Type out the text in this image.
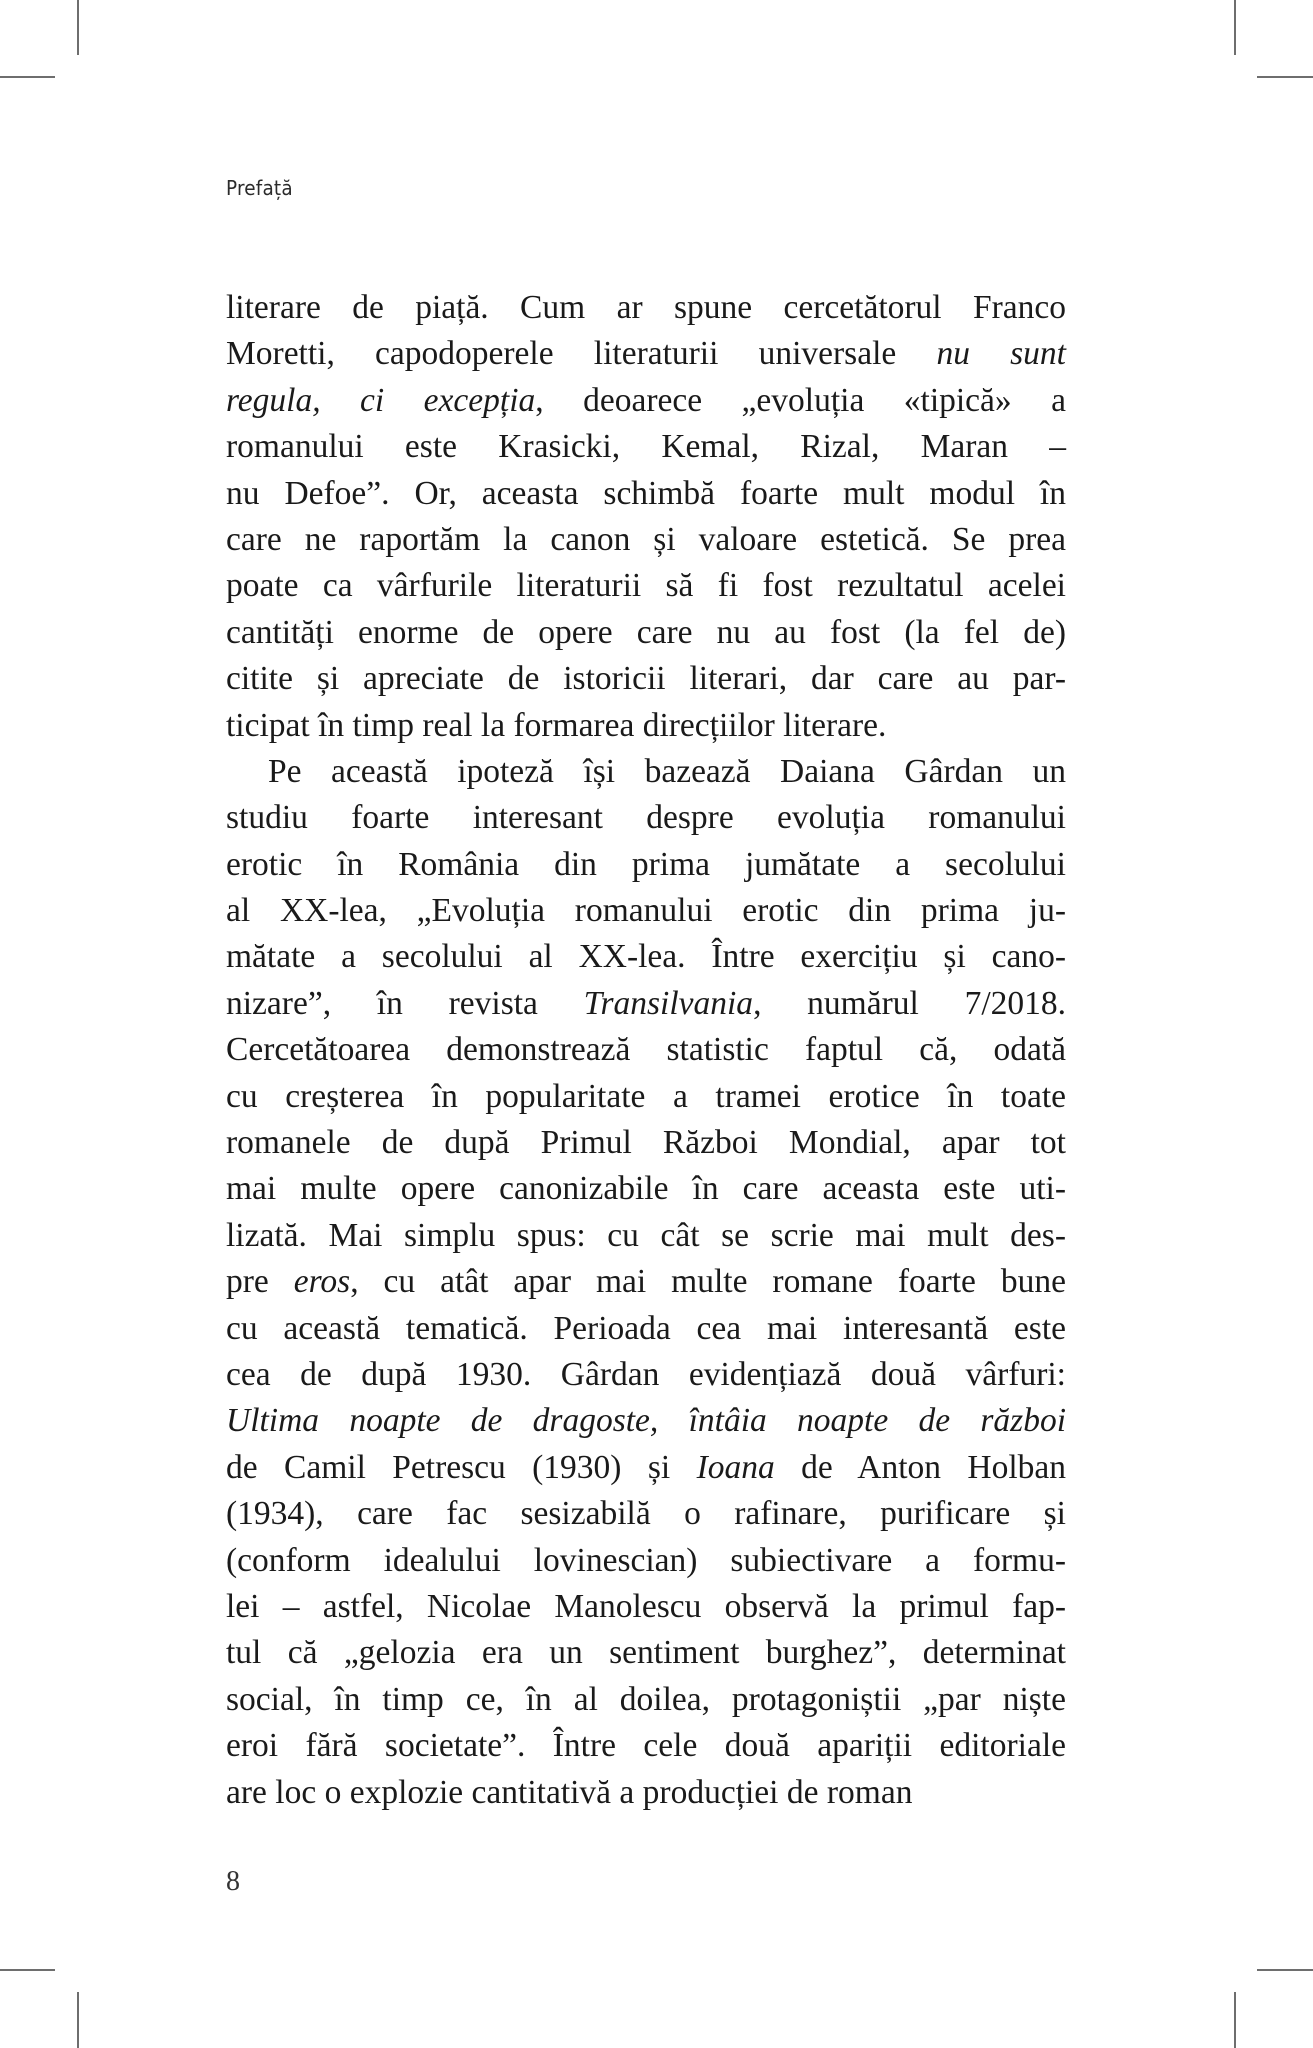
Prefață
literare de piață. Cum ar spune cercetătorul Franco
Moretti, capodoperele literaturii universale nu sunt
regula, ci excepția, deoarece „evoluția «tipică» a
romanului este Krasicki, Kemal, Rizal, Maran –
nu Defoe”. Or, aceasta schimbă foarte mult modul în
care ne raportăm la canon și valoare estetică. Se prea
poate ca vârfurile literaturii să fi fost rezultatul acelei
cantități enorme de opere care nu au fost (la fel de)
citite și apreciate de istoricii literari, dar care au par-
ticipat în timp real la formarea direcțiilor literare.
Pe această ipoteză își bazează Daiana Gârdan un
studiu foarte interesant despre evoluția romanului
erotic în România din prima jumătate a secolului
al XX-lea, „Evoluția romanului erotic din prima ju-
mătate a secolului al XX-lea. Între exercițiu și cano-
nizare”, în revista Transilvania, numărul 7/2018.
Cercetătoarea demonstrează statistic faptul că, odată
cu creșterea în popularitate a tramei erotice în toate
romanele de după Primul Război Mondial, apar tot
mai multe opere canonizabile în care aceasta este uti-
lizată. Mai simplu spus: cu cât se scrie mai mult des-
pre eros, cu atât apar mai multe romane foarte bune
cu această tematică. Perioada cea mai interesantă este
cea de după 1930. Gârdan evidențiază două vârfuri:
Ultima noapte de dragoste, întâia noapte de război
de Camil Petrescu (1930) și Ioana de Anton Holban
(1934), care fac sesizabilă o rafinare, purificare și
(conform idealului lovinescian) subiectivare a formu-
lei – astfel, Nicolae Manolescu observă la primul fap-
tul că „gelozia era un sentiment burghez”, determinat
social, în timp ce, în al doilea, protagoniștii „par niște
eroi fără societate”. Între cele două apariții editoriale
are loc o explozie cantitativă a producției de roman
8
